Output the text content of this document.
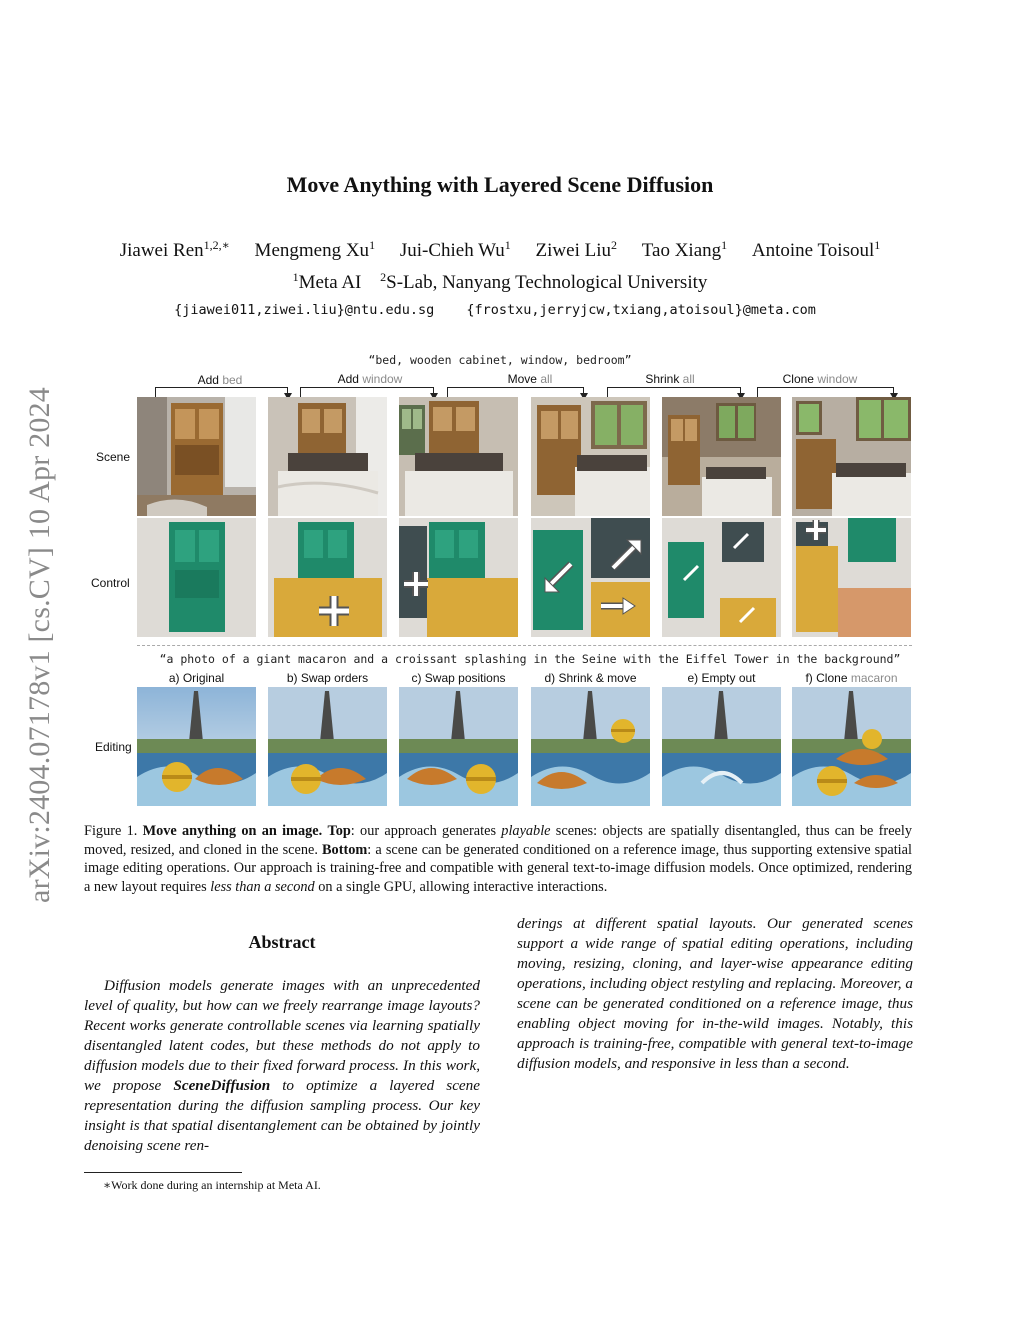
arXiv:2404.07178v1 [cs.CV] 10 Apr 2024
Move Anything with Layered Scene Diffusion
Jiawei Ren$^{1,2,∗}$ Mengmeng Xu$^1$ Jui-Chieh Wu$^1$ Ziwei Liu$^2$ Tao Xiang$^1$ Antoine Toisoul$^1$
$^1$Meta AI $^2$S-Lab, Nanyang Technological University
{jiawei011,ziwei.liu}@ntu.edu.sg {frostxu,jerryjcw,txiang,atoisoul}@meta.com
“bed, wooden cabinet, window, bedroom”
Add bed	Add window	Move all	Shrink all	Clone window
Scene
Control
Editing
“a photo of a giant macaron and a croissant splashing in the Seine with the Eiffel Tower in the background”
a) Original	b) Swap orders	c) Swap positions	d) Shrink & move	e) Empty out	f) Clone macaron
Figure 1. Move anything on an image. Top: our approach generates playable scenes: objects are spatially disentangled, thus can be freely moved, resized, and cloned in the scene. Bottom: a scene can be generated conditioned on a reference image, thus supporting extensive spatial image editing operations. Our approach is training-free and compatible with general text-to-image diffusion models. Once optimized, rendering a new layout requires less than a second on a single GPU, allowing interactive interactions.
Abstract
Diffusion models generate images with an unprecedented level of quality, but how can we freely rearrange image layouts? Recent works generate controllable scenes via learning spatially disentangled latent codes, but these methods do not apply to diffusion models due to their fixed forward process. In this work, we propose SceneDiffusion to optimize a layered scene representation during the diffusion sampling process. Our key insight is that spatial disentanglement can be obtained by jointly denoising scene ren-
derings at different spatial layouts. Our generated scenes support a wide range of spatial editing operations, including moving, resizing, cloning, and layer-wise appearance editing operations, including object restyling and replacing. Moreover, a scene can be generated conditioned on a reference image, thus enabling object moving for in-the-wild images. Notably, this approach is training-free, compatible with general text-to-image diffusion models, and responsive in less than a second.
∗Work done during an internship at Meta AI.
